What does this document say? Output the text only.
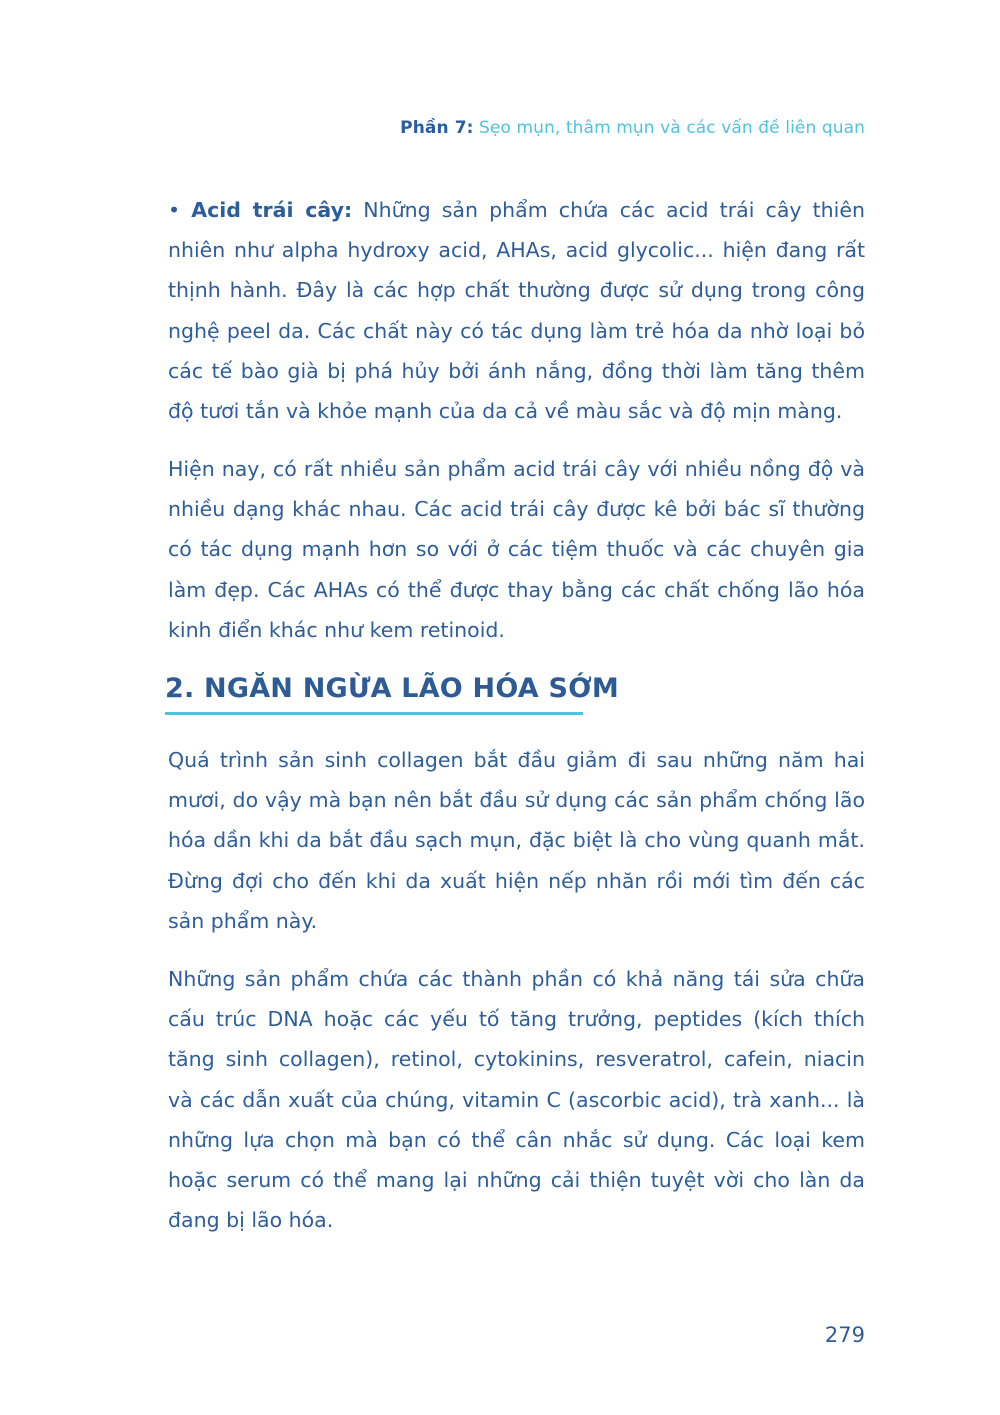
Phần 7: Sẹo mụn, thâm mụn và các vấn đề liên quan

• Acid trái cây: Những sản phẩm chứa các acid trái cây thiên nhiên như alpha hydroxy acid, AHAs, acid glycolic... hiện đang rất thịnh hành. Đây là các hợp chất thường được sử dụng trong công nghệ peel da. Các chất này có tác dụng làm trẻ hóa da nhờ loại bỏ các tế bào già bị phá hủy bởi ánh nắng, đồng thời làm tăng thêm độ tươi tắn và khỏe mạnh của da cả về màu sắc và độ mịn màng.

Hiện nay, có rất nhiều sản phẩm acid trái cây với nhiều nồng độ và nhiều dạng khác nhau. Các acid trái cây được kê bởi bác sĩ thường có tác dụng mạnh hơn so với ở các tiệm thuốc và các chuyên gia làm đẹp. Các AHAs có thể được thay bằng các chất chống lão hóa kinh điển khác như kem retinoid.

2. NGĂN NGỪA LÃO HÓA SỚM

Quá trình sản sinh collagen bắt đầu giảm đi sau những năm hai mươi, do vậy mà bạn nên bắt đầu sử dụng các sản phẩm chống lão hóa dần khi da bắt đầu sạch mụn, đặc biệt là cho vùng quanh mắt. Đừng đợi cho đến khi da xuất hiện nếp nhăn rồi mới tìm đến các sản phẩm này.

Những sản phẩm chứa các thành phần có khả năng tái sửa chữa cấu trúc DNA hoặc các yếu tố tăng trưởng, peptides (kích thích tăng sinh collagen), retinol, cytokinins, resveratrol, cafein, niacin và các dẫn xuất của chúng, vitamin C (ascorbic acid), trà xanh... là những lựa chọn mà bạn có thể cân nhắc sử dụng. Các loại kem hoặc serum có thể mang lại những cải thiện tuyệt vời cho làn da đang bị lão hóa.

279
